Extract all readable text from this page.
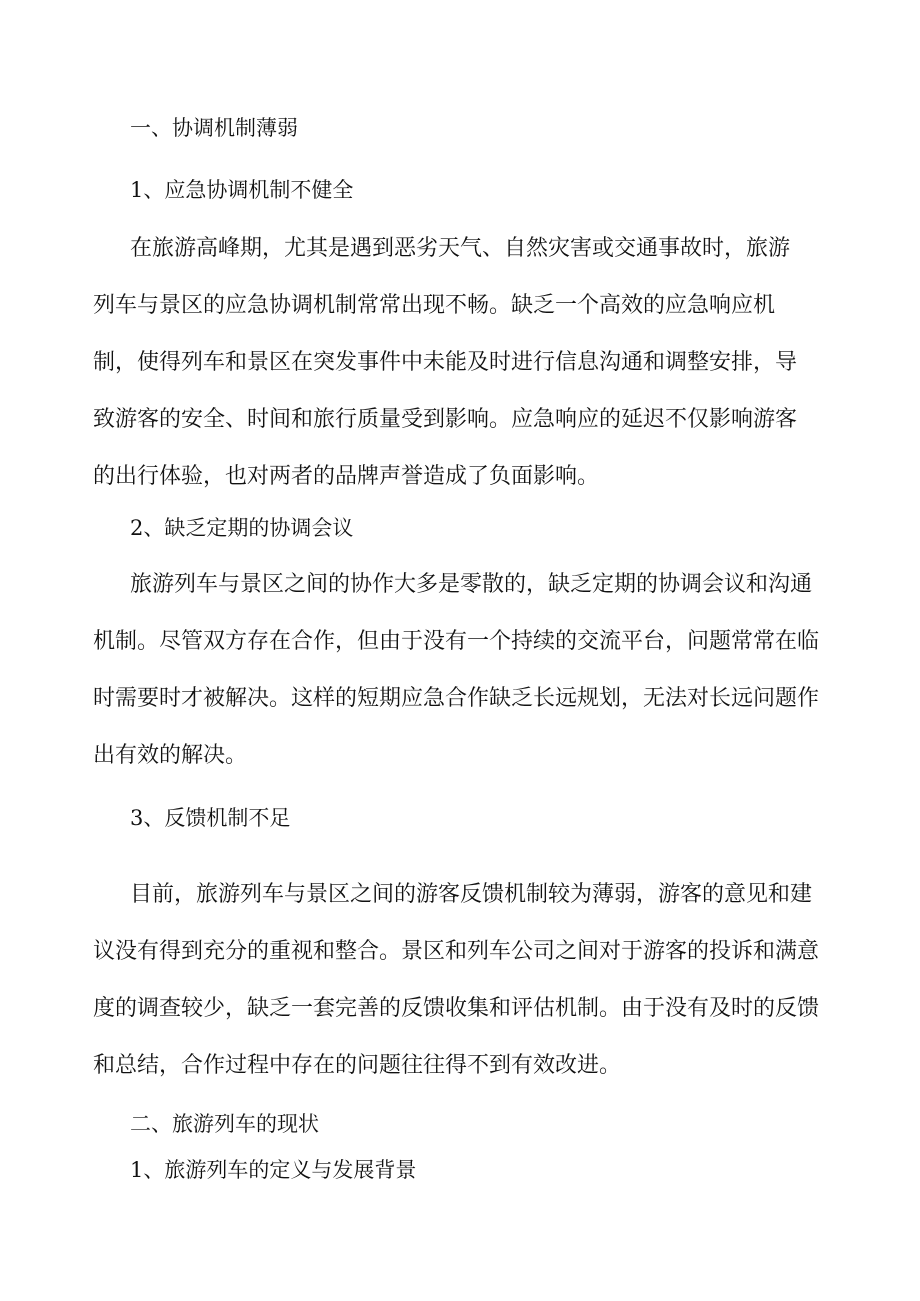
一、协调机制薄弱

1、应急协调机制不健全

在旅游高峰期，尤其是遇到恶劣天气、自然灾害或交通事故时，旅游
列车与景区的应急协调机制常常出现不畅。缺乏一个高效的应急响应机
制，使得列车和景区在突发事件中未能及时进行信息沟通和调整安排，导
致游客的安全、时间和旅行质量受到影响。应急响应的延迟不仅影响游客
的出行体验，也对两者的品牌声誉造成了负面影响。

2、缺乏定期的协调会议

旅游列车与景区之间的协作大多是零散的，缺乏定期的协调会议和沟通
机制。尽管双方存在合作，但由于没有一个持续的交流平台，问题常常在临
时需要时才被解决。这样的短期应急合作缺乏长远规划，无法对长远问题作
出有效的解决。

3、反馈机制不足

目前，旅游列车与景区之间的游客反馈机制较为薄弱，游客的意见和建
议没有得到充分的重视和整合。景区和列车公司之间对于游客的投诉和满意
度的调查较少，缺乏一套完善的反馈收集和评估机制。由于没有及时的反馈
和总结，合作过程中存在的问题往往得不到有效改进。

二、旅游列车的现状

1、旅游列车的定义与发展背景
